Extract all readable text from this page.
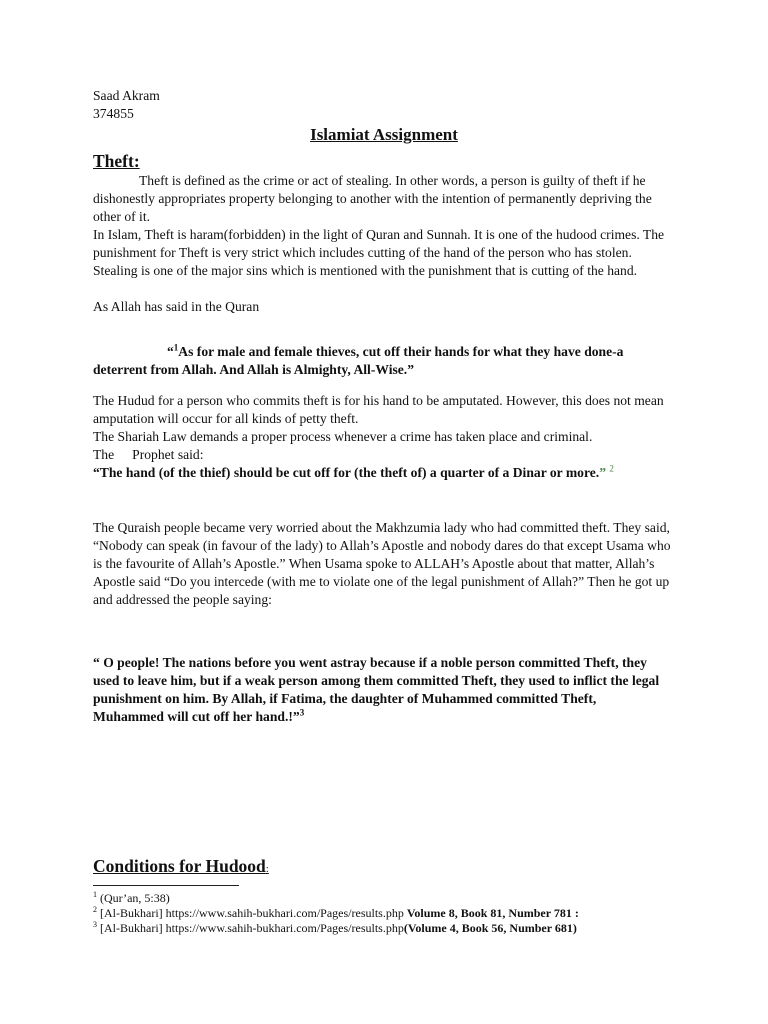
Saad Akram
374855
Islamiat Assignment
Theft:

Theft is defined as the crime or act of stealing. In other words, a person is guilty of theft if he dishonestly appropriates property belonging to another with the intention of permanently depriving the other of it.

In Islam, Theft is haram(forbidden) in the light of Quran and Sunnah. It is one of the hudood crimes. The punishment for Theft is very strict which includes cutting of the hand of the person who has stolen. Stealing is one of the major sins which is mentioned with the punishment that is cutting of the hand.

As Allah has said in the Quran

“$^1$As for male and female thieves, cut off their hands for what they have done-a deterrent from Allah. And Allah is Almighty, All-Wise.”

The Hudud for a person who commits theft is for his hand to be amputated. However, this does not mean amputation will occur for all kinds of petty theft.

The Shariah Law demands a proper process whenever a crime has taken place and criminal.

The Prophet said:

“The hand (of the thief) should be cut off for (the theft of) a quarter of a Dinar or more.” $^2$

The Quraish people became very worried about the Makhzumia lady who had committed theft. They said, “Nobody can speak (in favour of the lady) to Allah’s Apostle and nobody dares do that except Usama who is the favourite of Allah’s Apostle.” When Usama spoke to ALLAH’s Apostle about that matter, Allah’s Apostle said “Do you intercede (with me to violate one of the legal punishment of Allah?” Then he got up and addressed the people saying:

“ O people! The nations before you went astray because if a noble person committed Theft, they used to leave him, but if a weak person among them committed Theft, they used to inflict the legal punishment on him. By Allah, if Fatima, the daughter of Muhammed committed Theft, Muhammed will cut off her hand.!”$^3$

Conditions for Hudood:
$^1$ (Qur’an, 5:38)
$^2$ [Al-Bukhari] https://www.sahih-bukhari.com/Pages/results.php Volume 8, Book 81, Number 781 :
$^3$ [Al-Bukhari] https://www.sahih-bukhari.com/Pages/results.php(Volume 4, Book 56, Number 681)
